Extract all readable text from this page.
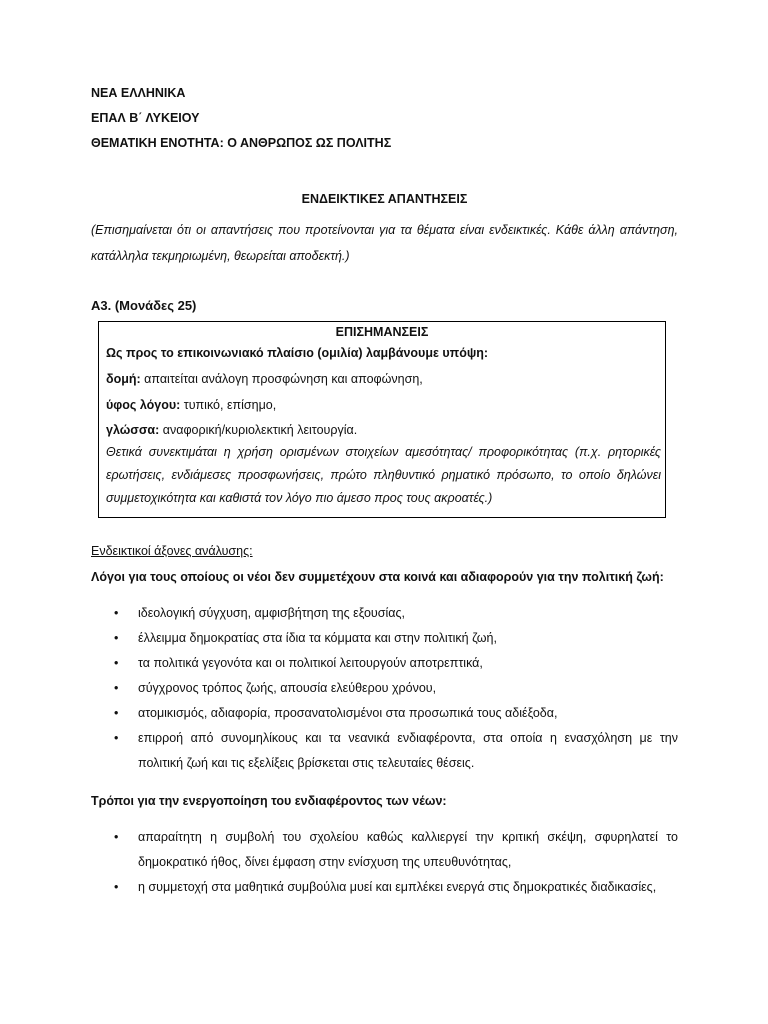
ΝΕΑ ΕΛΛΗΝΙΚΑ
ΕΠΑΛ Β΄ ΛΥΚΕΙΟΥ
ΘΕΜΑΤΙΚΗ ΕΝΟΤΗΤΑ: Ο ΑΝΘΡΩΠΟΣ ΩΣ ΠΟΛΙΤΗΣ
ΕΝΔΕΙΚΤΙΚΕΣ ΑΠΑΝΤΗΣΕΙΣ
(Επισημαίνεται ότι οι απαντήσεις που προτείνονται για τα θέματα είναι ενδεικτικές. Κάθε άλλη απάντηση, κατάλληλα τεκμηριωμένη, θεωρείται αποδεκτή.)
Α3. (Μονάδες 25)
ΕΠΙΣΗΜΑΝΣΕΙΣ
Ως προς το επικοινωνιακό πλαίσιο (ομιλία) λαμβάνουμε υπόψη:
δομή: απαιτείται ανάλογη προσφώνηση και αποφώνηση,
ύφος λόγου: τυπικό, επίσημο,
γλώσσα: αναφορική/κυριολεκτική λειτουργία.
Θετικά συνεκτιμάται η χρήση ορισμένων στοιχείων αμεσότητας/ προφορικότητας (π.χ. ρητορικές ερωτήσεις, ενδιάμεσες προσφωνήσεις, πρώτο πληθυντικό ρηματικό πρόσωπο, το οποίο δηλώνει συμμετοχικότητα και καθιστά τον λόγο πιο άμεσο προς τους ακροατές.)
Ενδεικτικοί άξονες ανάλυσης:
Λόγοι για τους οποίους οι νέοι δεν συμμετέχουν στα κοινά και αδιαφορούν για την πολιτική ζωή:
• ιδεολογική σύγχυση, αμφισβήτηση της εξουσίας,
• έλλειμμα δημοκρατίας στα ίδια τα κόμματα και στην πολιτική ζωή,
• τα πολιτικά γεγονότα και οι πολιτικοί λειτουργούν αποτρεπτικά,
• σύγχρονος τρόπος ζωής, απουσία ελεύθερου χρόνου,
• ατομικισμός, αδιαφορία, προσανατολισμένοι στα προσωπικά τους αδιέξοδα,
• επιρροή από συνομηλίκους και τα νεανικά ενδιαφέροντα, στα οποία η ενασχόληση με την πολιτική ζωή και τις εξελίξεις βρίσκεται στις τελευταίες θέσεις.
Τρόποι για την ενεργοποίηση του ενδιαφέροντος των νέων:
• απαραίτητη η συμβολή του σχολείου καθώς καλλιεργεί την κριτική σκέψη, σφυρηλατεί το δημοκρατικό ήθος, δίνει έμφαση στην ενίσχυση της υπευθυνότητας,
• η συμμετοχή στα μαθητικά συμβούλια μυεί και εμπλέκει ενεργά στις δημοκρατικές διαδικασίες,
